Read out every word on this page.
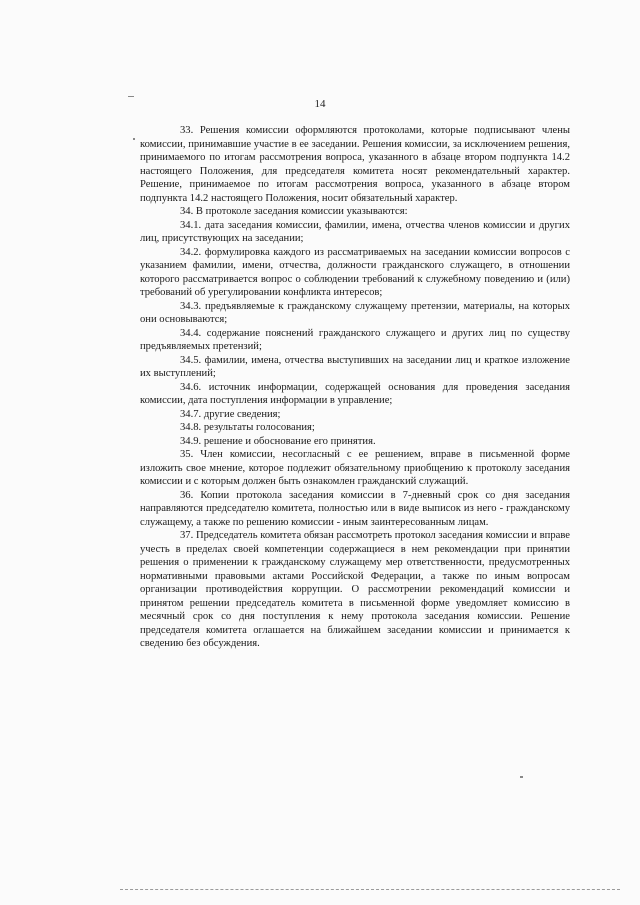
14

33. Решения комиссии оформляются протоколами, которые подписывают члены комиссии, принимавшие участие в ее заседании. Решения комиссии, за исключением решения, принимаемого по итогам рассмотрения вопроса, указанного в абзаце втором подпункта 14.2 настоящего Положения, для председателя комитета носят рекомендательный характер. Решение, принимаемое по итогам рассмотрения вопроса, указанного в абзаце втором подпункта 14.2 настоящего Положения, носит обязательный характер.

34. В протоколе заседания комиссии указываются:

34.1. дата заседания комиссии, фамилии, имена, отчества членов комиссии и других лиц, присутствующих на заседании;

34.2. формулировка каждого из рассматриваемых на заседании комиссии вопросов с указанием фамилии, имени, отчества, должности гражданского служащего, в отношении которого рассматривается вопрос о соблюдении требований к служебному поведению и (или) требований об урегулировании конфликта интересов;

34.3. предъявляемые к гражданскому служащему претензии, материалы, на которых они основываются;

34.4. содержание пояснений гражданского служащего и других лиц по существу предъявляемых претензий;

34.5. фамилии, имена, отчества выступивших на заседании лиц и краткое изложение их выступлений;

34.6. источник информации, содержащей основания для проведения заседания комиссии, дата поступления информации в управление;

34.7. другие сведения;

34.8. результаты голосования;

34.9. решение и обоснование его принятия.

35. Член комиссии, несогласный с ее решением, вправе в письменной форме изложить свое мнение, которое подлежит обязательному приобщению к протоколу заседания комиссии и с которым должен быть ознакомлен гражданский служащий.

36. Копии протокола заседания комиссии в 7-дневный срок со дня заседания направляются председателю комитета, полностью или в виде выписок из него - гражданскому служащему, а также по решению комиссии - иным заинтересованным лицам.

37. Председатель комитета обязан рассмотреть протокол заседания комиссии и вправе учесть в пределах своей компетенции содержащиеся в нем рекомендации при принятии решения о применении к гражданскому служащему мер ответственности, предусмотренных нормативными правовыми актами Российской Федерации, а также по иным вопросам организации противодействия коррупции. О рассмотрении рекомендаций комиссии и принятом решении председатель комитета в письменной форме уведомляет комиссию в месячный срок со дня поступления к нему протокола заседания комиссии. Решение председателя комитета оглашается на ближайшем заседании комиссии и принимается к сведению без обсуждения.
